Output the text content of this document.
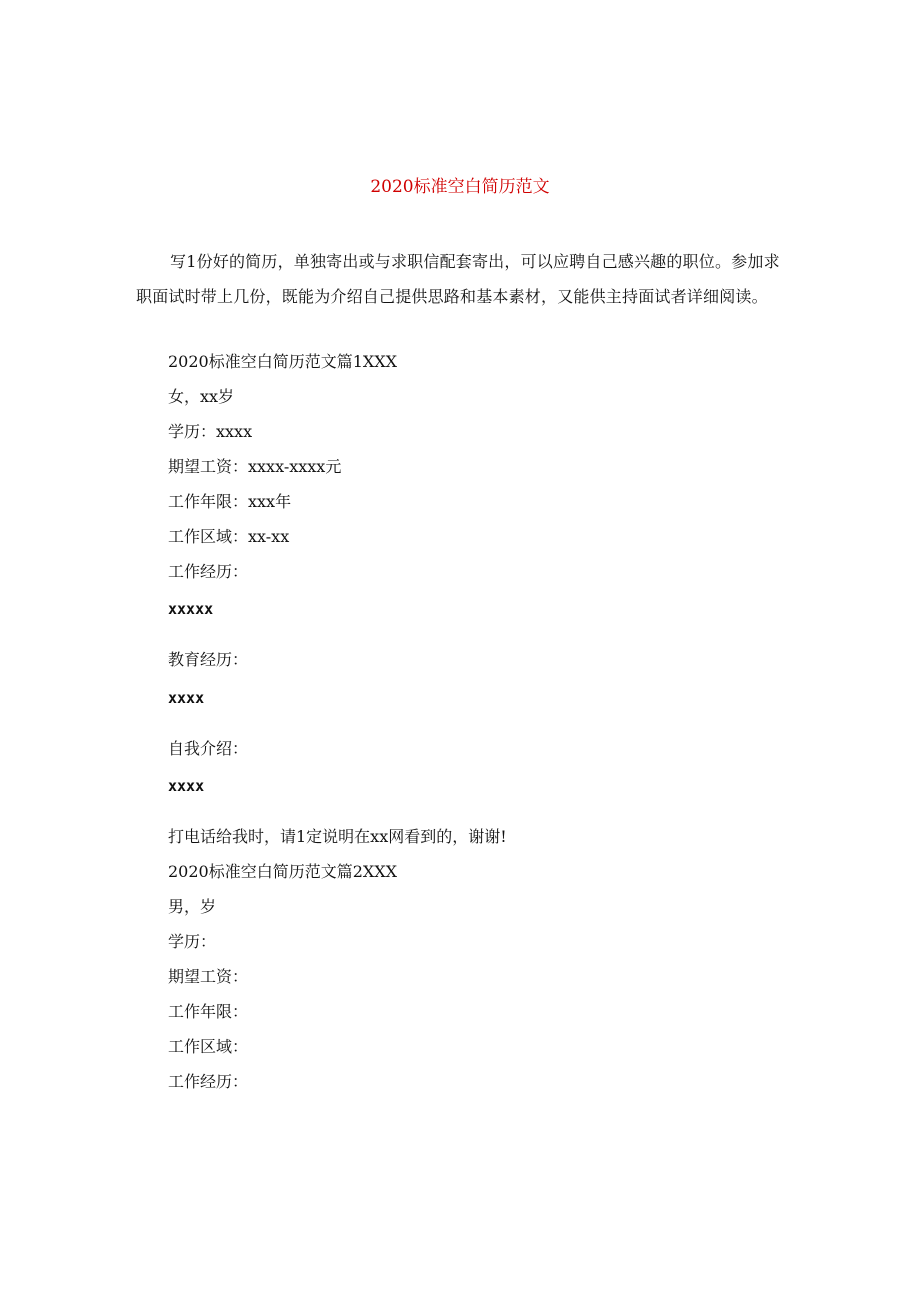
2020标准空白简历范文

写1份好的简历，单独寄出或与求职信配套寄出，可以应聘自己感兴趣的职位。参加求职面试时带上几份，既能为介绍自己提供思路和基本素材，又能供主持面试者详细阅读。

2020标准空白简历范文篇1XXX
女，xx岁
学历：xxxx
期望工资：xxxx-xxxx元
工作年限：xxx年
工作区域：xx-xx
工作经历：
xxxxx
教育经历：
xxxx
自我介绍：
xxxx
打电话给我时，请1定说明在xx网看到的，谢谢!
2020标准空白简历范文篇2XXX
男，岁
学历：
期望工资：
工作年限：
工作区域：
工作经历：
